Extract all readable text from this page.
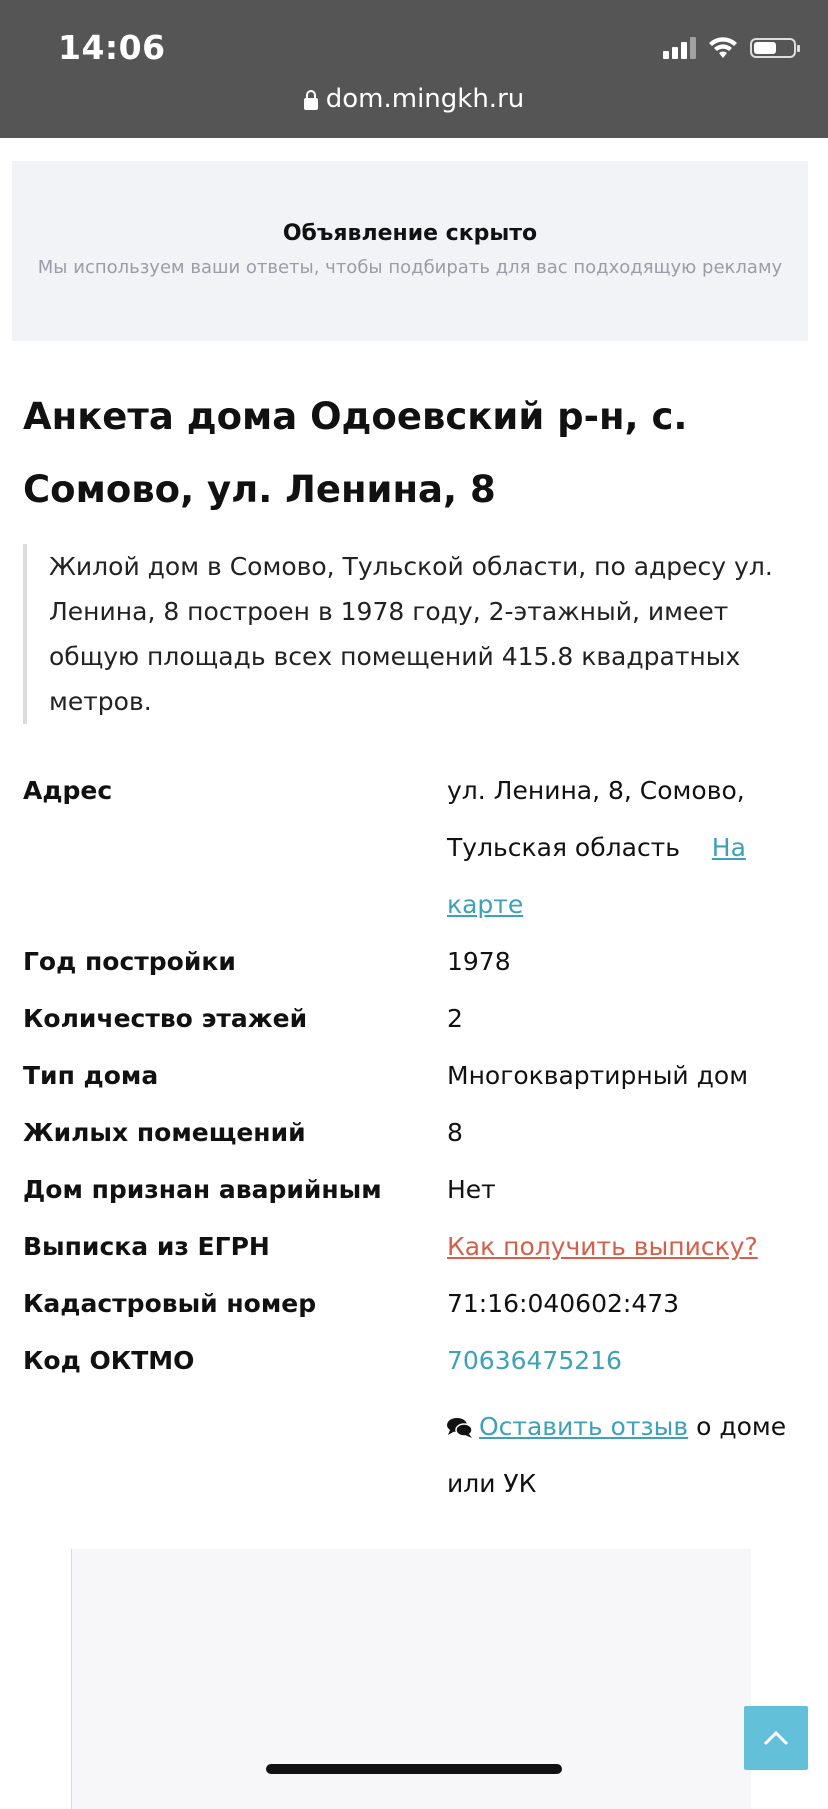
14:06
dom.mingkh.ru
Объявление скрыто
Мы используем ваши ответы, чтобы подбирать для вас подходящую рекламу
Анкета дома Одоевский р-н, с. Сомово, ул. Ленина, 8
Жилой дом в Сомово, Тульской области, по адресу ул. Ленина, 8 построен в 1978 году, 2-этажный, имеет общую площадь всех помещений 415.8 квадратных метров.
Адрес	ул. Ленина, 8, Сомово, Тульская область На карте
Год постройки	1978
Количество этажей	2
Тип дома	Многоквартирный дом
Жилых помещений	8
Дом признан аварийным	Нет
Выписка из ЕГРН	Как получить выписку?
Кадастровый номер	71:16:040602:473
Код ОКТМО	70636475216
Оставить отзыв о доме или УК
